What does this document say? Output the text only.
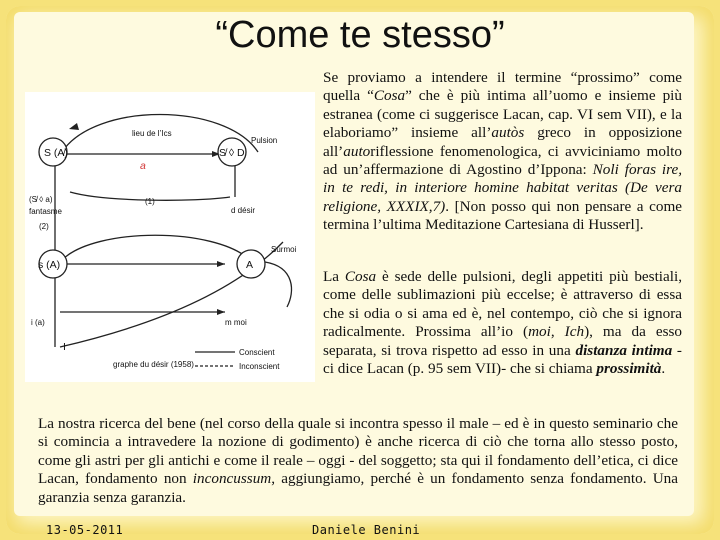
“Come te stesso”
S (A̸)	S̸ ◊ D
lieu de l’Ics
Pulsion
a
(S̸ ◊ a)
fantasme
(1)
(2)
d désir
s (A)	A
Surmoi
i (a)	m moi
I	Conscient
Inconscient
graphe du désir (1958)

Se proviamo a intendere il termine “prossimo” come quella “Cosa” che è più intima all’uomo e insieme più estranea (come ci suggerisce Lacan, cap. VI sem VII), e la elaboriamo” insieme all’autòs greco in opposizione all’autoriflessione fenomenologica, ci avviciniamo molto ad un’affermazione di Agostino d’Ippona: Noli foras ire, in te redi, in interiore homine habitat veritas (De vera religione, XXXIX,7). [Non posso qui non pensare a come termina l’ultima Meditazione Cartesiana di Husserl].

La Cosa è sede delle pulsioni, degli appetiti più bestiali, come delle sublimazioni più eccelse; è attraverso di essa che si odia o si ama ed è, nel contempo, ciò che si ignora radicalmente. Prossima all’io (moi, Ich), ma da esso separata, si trova rispetto ad esso in una distanza intima - ci dice Lacan (p. 95 sem VII)- che si chiama prossimità.

La nostra ricerca del bene (nel corso della quale si incontra spesso il male – ed è in questo seminario che si comincia a intravedere la nozione di godimento) è anche ricerca di ciò che torna allo stesso posto, come gli astri per gli antichi e come il reale – oggi - del soggetto; sta qui il fondamento dell’etica, ci dice Lacan, fondamento non inconcussum, aggiungiamo, perché è un fondamento senza fondamento. Una garanzia senza garanzia.

13-05-2011	Daniele Benini
